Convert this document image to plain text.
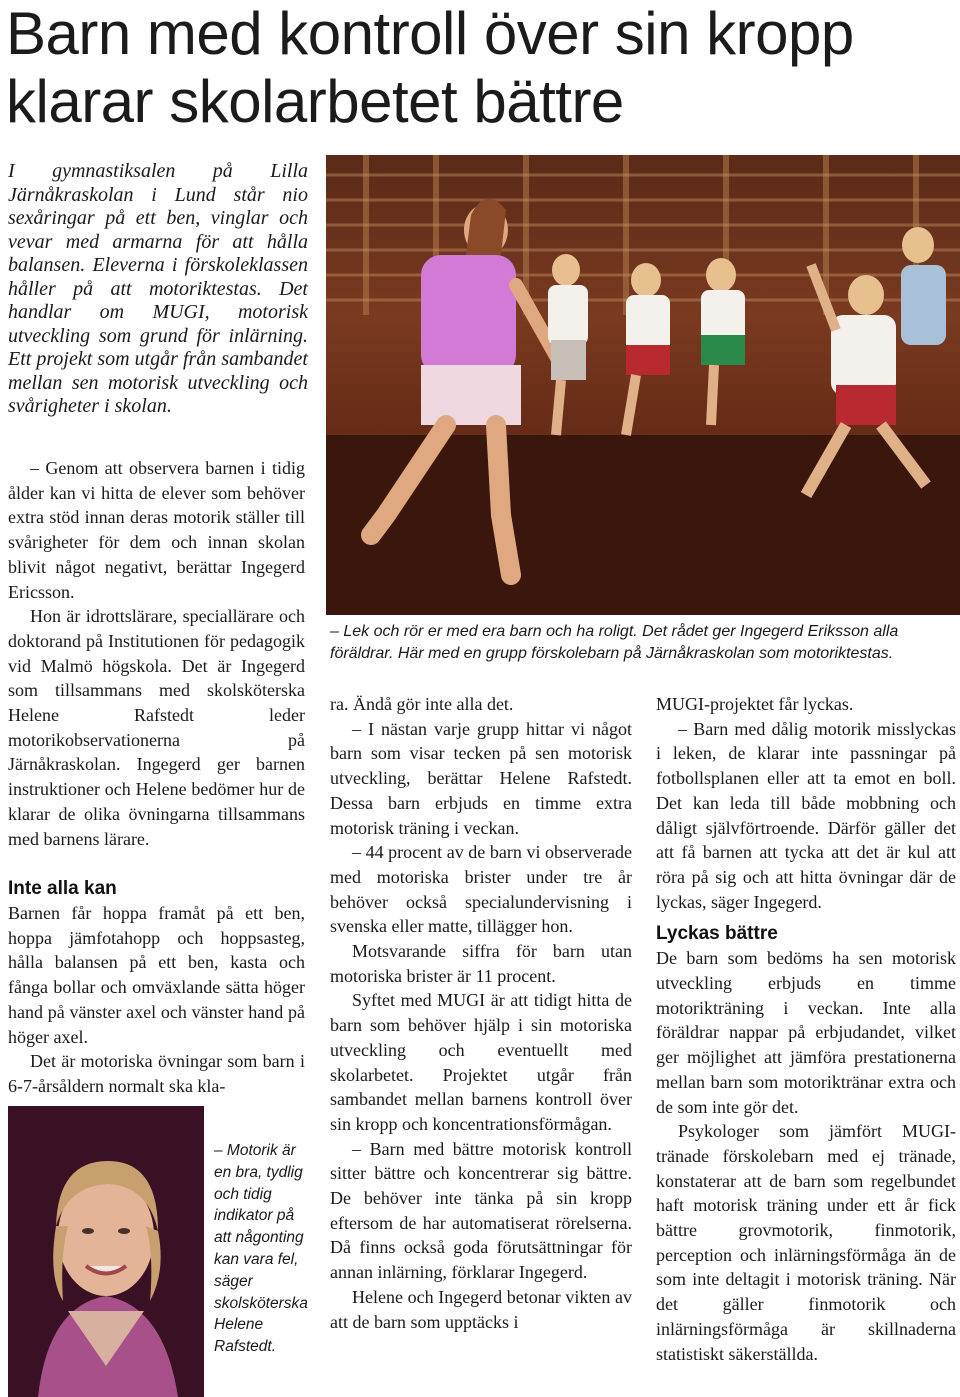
Barn med kontroll över sin kropp klarar skolarbetet bättre

I gymnastiksalen på Lilla Järnåkraskolan i Lund står nio sexåringar på ett ben, vinglar och vevar med armarna för att hålla balansen. Eleverna i förskoleklassen håller på att motoriktestas. Det handlar om MUGI, motorisk utveckling som grund för inlärning. Ett projekt som utgår från sambandet mellan sen motorisk utveckling och svårigheter i skolan.

– Lek och rör er med era barn och ha roligt. Det rådet ger Ingegerd Eriksson alla föräldrar. Här med en grupp förskolebarn på Järnåkraskolan som motoriktestas.

– Genom att observera barnen i tidig ålder kan vi hitta de elever som behöver extra stöd innan deras motorik ställer till svårigheter för dem och innan skolan blivit något negativt, berättar Ingegerd Ericsson.

Hon är idrottslärare, speciallärare och doktorand på Institutionen för pedagogik vid Malmö högskola. Det är Ingegerd som tillsammans med skolsköterska Helene Rafstedt leder motorikobservationerna på Järnåkraskolan. Ingegerd ger barnen instruktioner och Helene bedömer hur de klarar de olika övningarna tillsammans med barnens lärare.

Inte alla kan

Barnen får hoppa framåt på ett ben, hoppa jämfotahopp och hoppsasteg, hålla balansen på ett ben, kasta och fånga bollar och omväxlande sätta höger hand på vänster axel och vänster hand på höger axel.

Det är motoriska övningar som barn i 6-7-årsåldern normalt ska kla-

ra. Ändå gör inte alla det.

– I nästan varje grupp hittar vi något barn som visar tecken på sen motorisk utveckling, berättar Helene Rafstedt. Dessa barn erbjuds en timme extra motorisk träning i veckan.

– 44 procent av de barn vi observerade med motoriska brister under tre år behöver också specialundervisning i svenska eller matte, tillägger hon.

Motsvarande siffra för barn utan motoriska brister är 11 procent.

Syftet med MUGI är att tidigt hitta de barn som behöver hjälp i sin motoriska utveckling och eventuellt med skolarbetet. Projektet utgår från sambandet mellan barnens kontroll över sin kropp och koncentrationsförmågan.

– Barn med bättre motorisk kontroll sitter bättre och koncentrerar sig bättre. De behöver inte tänka på sin kropp eftersom de har automatiserat rörelserna. Då finns också goda förutsättningar för annan inlärning, förklarar Ingegerd.

Helene och Ingegerd betonar vikten av att de barn som upptäcks i

MUGI-projektet får lyckas.

– Barn med dålig motorik misslyckas i leken, de klarar inte passningar på fotbollsplanen eller att ta emot en boll. Det kan leda till både mobbning och dåligt självförtroende. Därför gäller det att få barnen att tycka att det är kul att röra på sig och att hitta övningar där de lyckas, säger Ingegerd.

Lyckas bättre

De barn som bedöms ha sen motorisk utveckling erbjuds en timme motorikträning i veckan. Inte alla föräldrar nappar på erbjudandet, vilket ger möjlighet att jämföra prestationerna mellan barn som motoriktränar extra och de som inte gör det.

Psykologer som jämfört MUGI-tränade förskolebarn med ej tränade, konstaterar att de barn som regelbundet haft motorisk träning under ett år fick bättre grovmotorik, finmotorik, perception och inlärningsförmåga än de som inte deltagit i motorisk träning. När det gäller finmotorik och inlärningsförmåga är skillnaderna statistiskt säkerställda.

– Motorik är en bra, tydlig och tidig indikator på att någonting kan vara fel, säger skolsköterska Helene Rafstedt.
